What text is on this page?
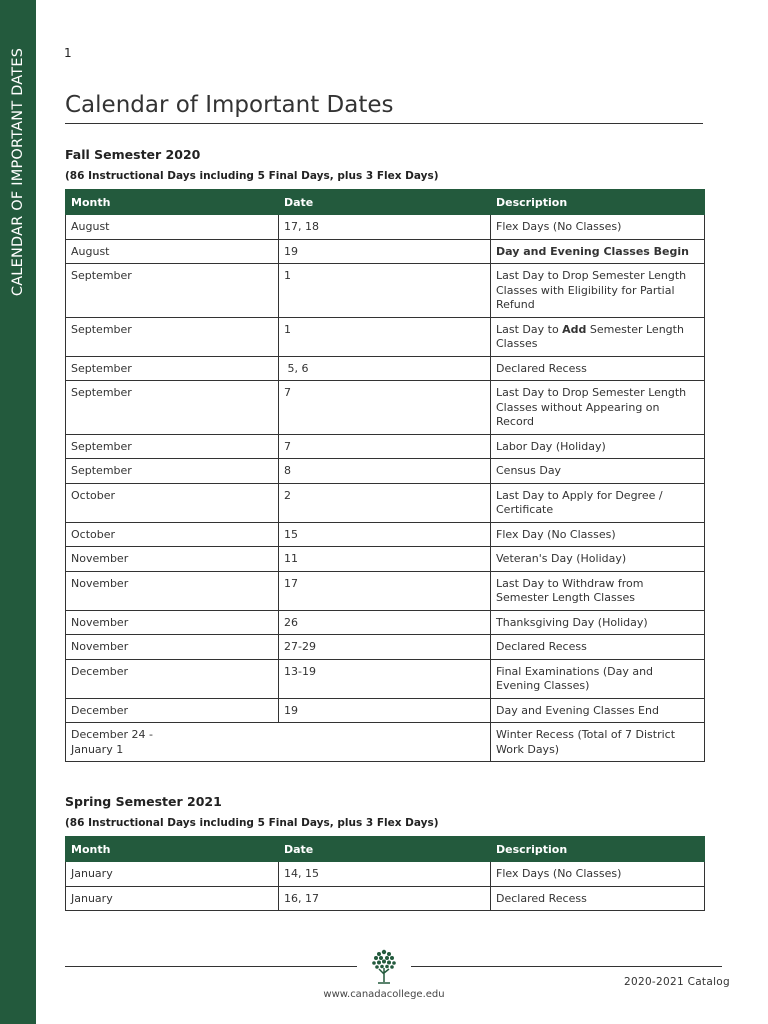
CALENDAR OF IMPORTANT DATES	1
Calendar of Important Dates
Fall Semester 2020
(86 Instructional Days including 5 Final Days, plus 3 Flex Days)
Month	Date	Description
August	17, 18	Flex Days (No Classes)
August	19	Day and Evening Classes Begin
September	1	Last Day to Drop Semester Length Classes with Eligibility for Partial Refund
September	1	Last Day to Add Semester Length Classes
September	5, 6	Declared Recess
September	7	Last Day to Drop Semester Length Classes without Appearing on Record
September	7	Labor Day (Holiday)
September	8	Census Day
October	2	Last Day to Apply for Degree / Certificate
October	15	Flex Day (No Classes)
November	11	Veteran's Day (Holiday)
November	17	Last Day to Withdraw from Semester Length Classes
November	26	Thanksgiving Day (Holiday)
November	27-29	Declared Recess
December	13-19	Final Examinations (Day and Evening Classes)
December	19	Day and Evening Classes End

December 24 -
January 1		Winter Recess (Total of 7 District Work Days)
Spring Semester 2021
(86 Instructional Days including 5 Final Days, plus 3 Flex Days)
Month	Date	Description
January	14, 15	Flex Days (No Classes)
January	16, 17	Declared Recess
www.canadacollege.edu
2020-2021 Catalog
